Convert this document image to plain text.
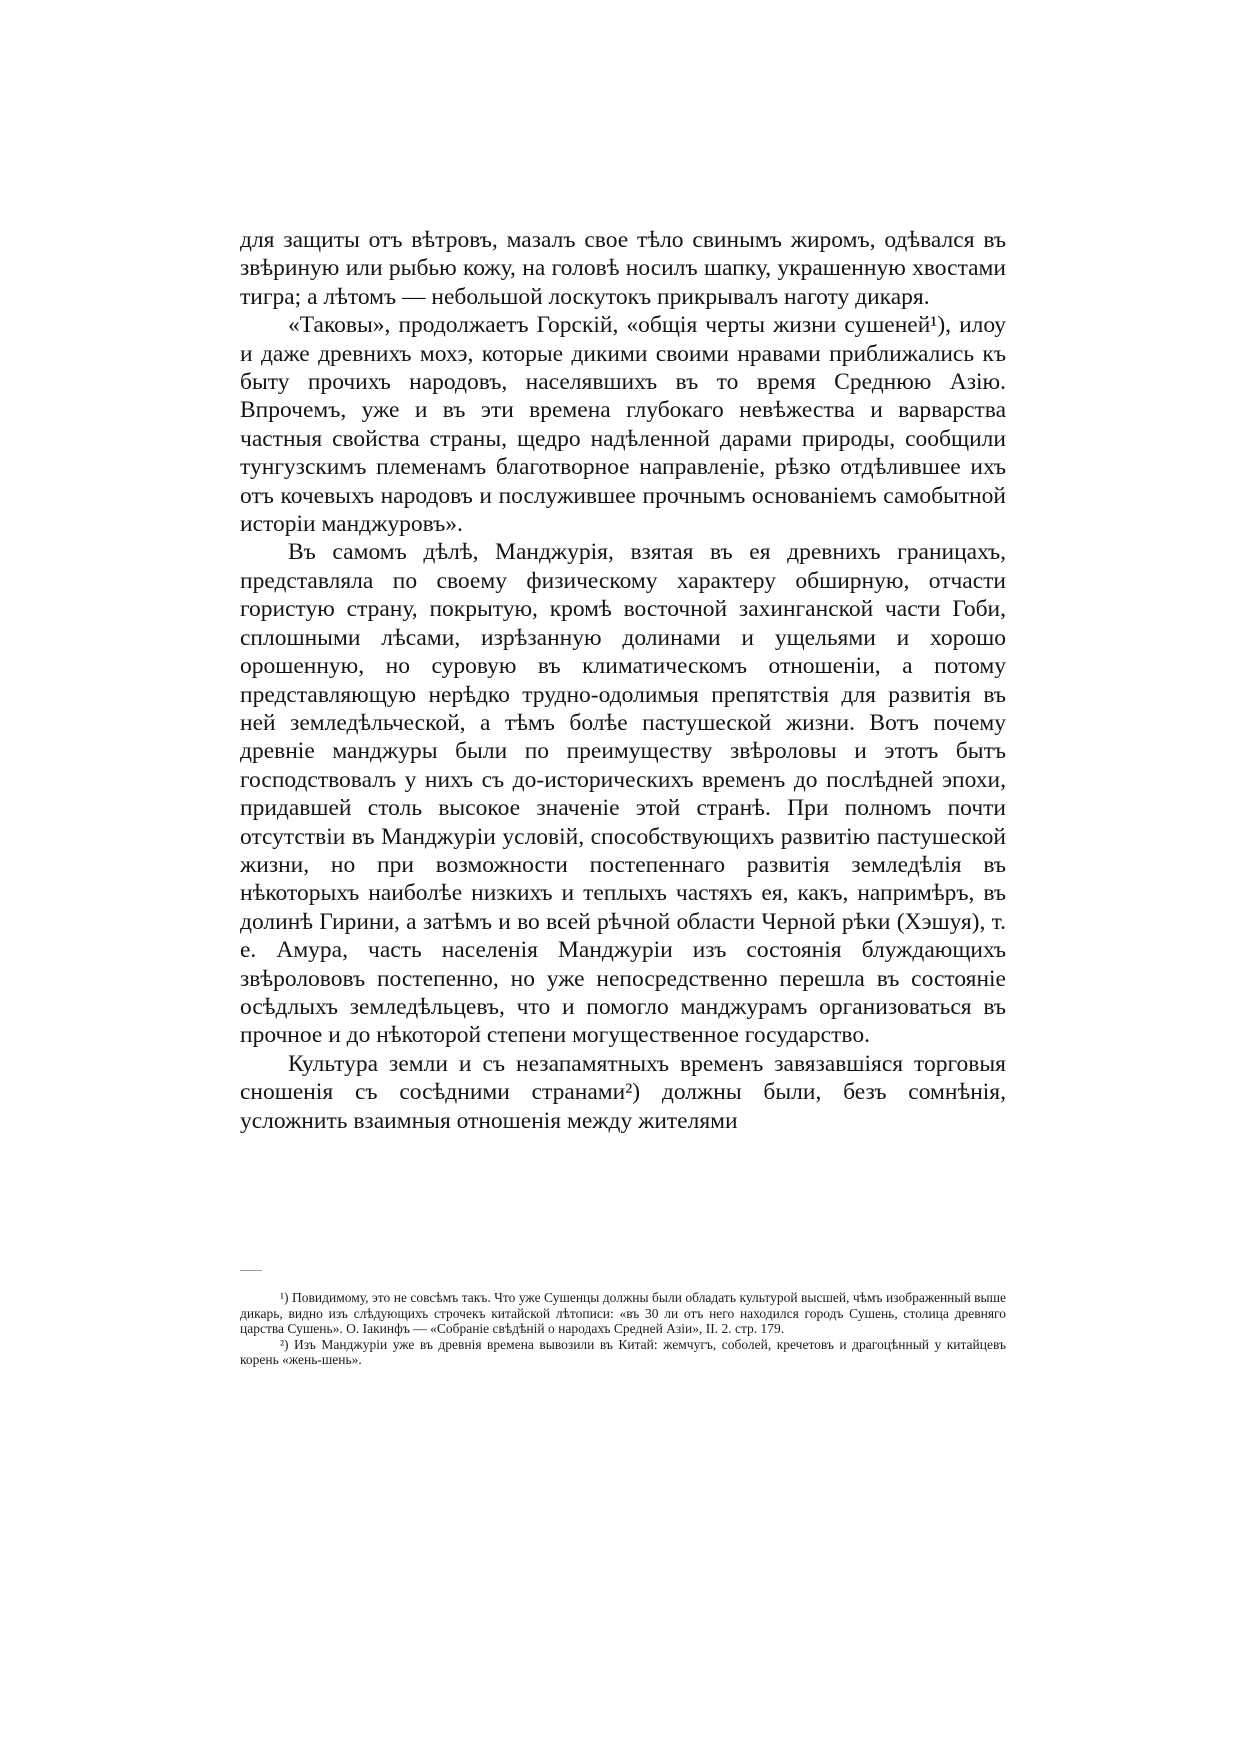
для защиты отъ вѣтровъ, мазалъ свое тѣло свинымъ жиромъ, одѣвался въ звѣриную или рыбью кожу, на головѣ носилъ шапку, украшенную хвостами тигра; а лѣтомъ — небольшой лоскутокъ прикрывалъ наготу дикаря.

«Таковы», продолжаетъ Горскій, «общія черты жизни сушеней¹), илоу и даже древнихъ мохэ, которые дикими своими нравами приближались къ быту прочихъ народовъ, населявшихъ въ то время Среднюю Азію. Впрочемъ, уже и въ эти времена глубокаго невѣжества и варварства частныя свойства страны, щедро надѣленной дарами природы, сообщили тунгузскимъ племенамъ благотворное направленіе, рѣзко отдѣлившее ихъ отъ кочевыхъ народовъ и послужившее прочнымъ основаніемъ самобытной исторіи манджуровъ».

Въ самомъ дѣлѣ, Манджурія, взятая въ ея древнихъ границахъ, представляла по своему физическому характеру обширную, отчасти гористую страну, покрытую, кромѣ восточной захинганской части Гоби, сплошными лѣсами, изрѣзанную долинами и ущельями и хорошо орошенную, но суровую въ климатическомъ отношеніи, а потому представляющую нерѣдко трудно-одолимыя препятствія для развитія въ ней земледѣльческой, а тѣмъ болѣе пастушеской жизни. Вотъ почему древніе манджуры были по преимуществу звѣроловы и этотъ бытъ господствовалъ у нихъ съ до-историческихъ временъ до послѣдней эпохи, придавшей столь высокое значеніе этой странѣ. При полномъ почти отсутствіи въ Манджуріи условій, способствующихъ развитію пастушеской жизни, но при возможности постепеннаго развитія земледѣлія въ нѣкоторыхъ наиболѣе низкихъ и теплыхъ частяхъ ея, какъ, напримѣръ, въ долинѣ Гирини, а затѣмъ и во всей рѣчной области Черной рѣки (Хэшуя), т. е. Амура, часть населенія Манджуріи изъ состоянія блуждающихъ звѣролововъ постепенно, но уже непосредственно перешла въ состояніе осѣдлыхъ земледѣльцевъ, что и помогло манджурамъ организоваться въ прочное и до нѣкоторой степени могущественное государство.

Культура земли и съ незапамятныхъ временъ завязавшіяся торговыя сношенія съ сосѣдними странами²) должны были, безъ сомнѣнія, усложнить взаимныя отношенія между жителями

¹) Повидимому, это не совсѣмъ такъ. Что уже Сушенцы должны были обладать культурой высшей, чѣмъ изображенный выше дикарь, видно изъ слѣдующихъ строчекъ китайской лѣтописи: «въ 30 ли отъ него находился городъ Сушень, столица древняго царства Сушень». О. Іакинфъ — «Собраніе свѣдѣній о народахъ Средней Азіи», II. 2. стр. 179.

²) Изъ Манджуріи уже въ древнія времена вывозили въ Китай: жемчугъ, соболей, кречетовъ и драгоцѣнный у китайцевъ корень «жень-шень».
